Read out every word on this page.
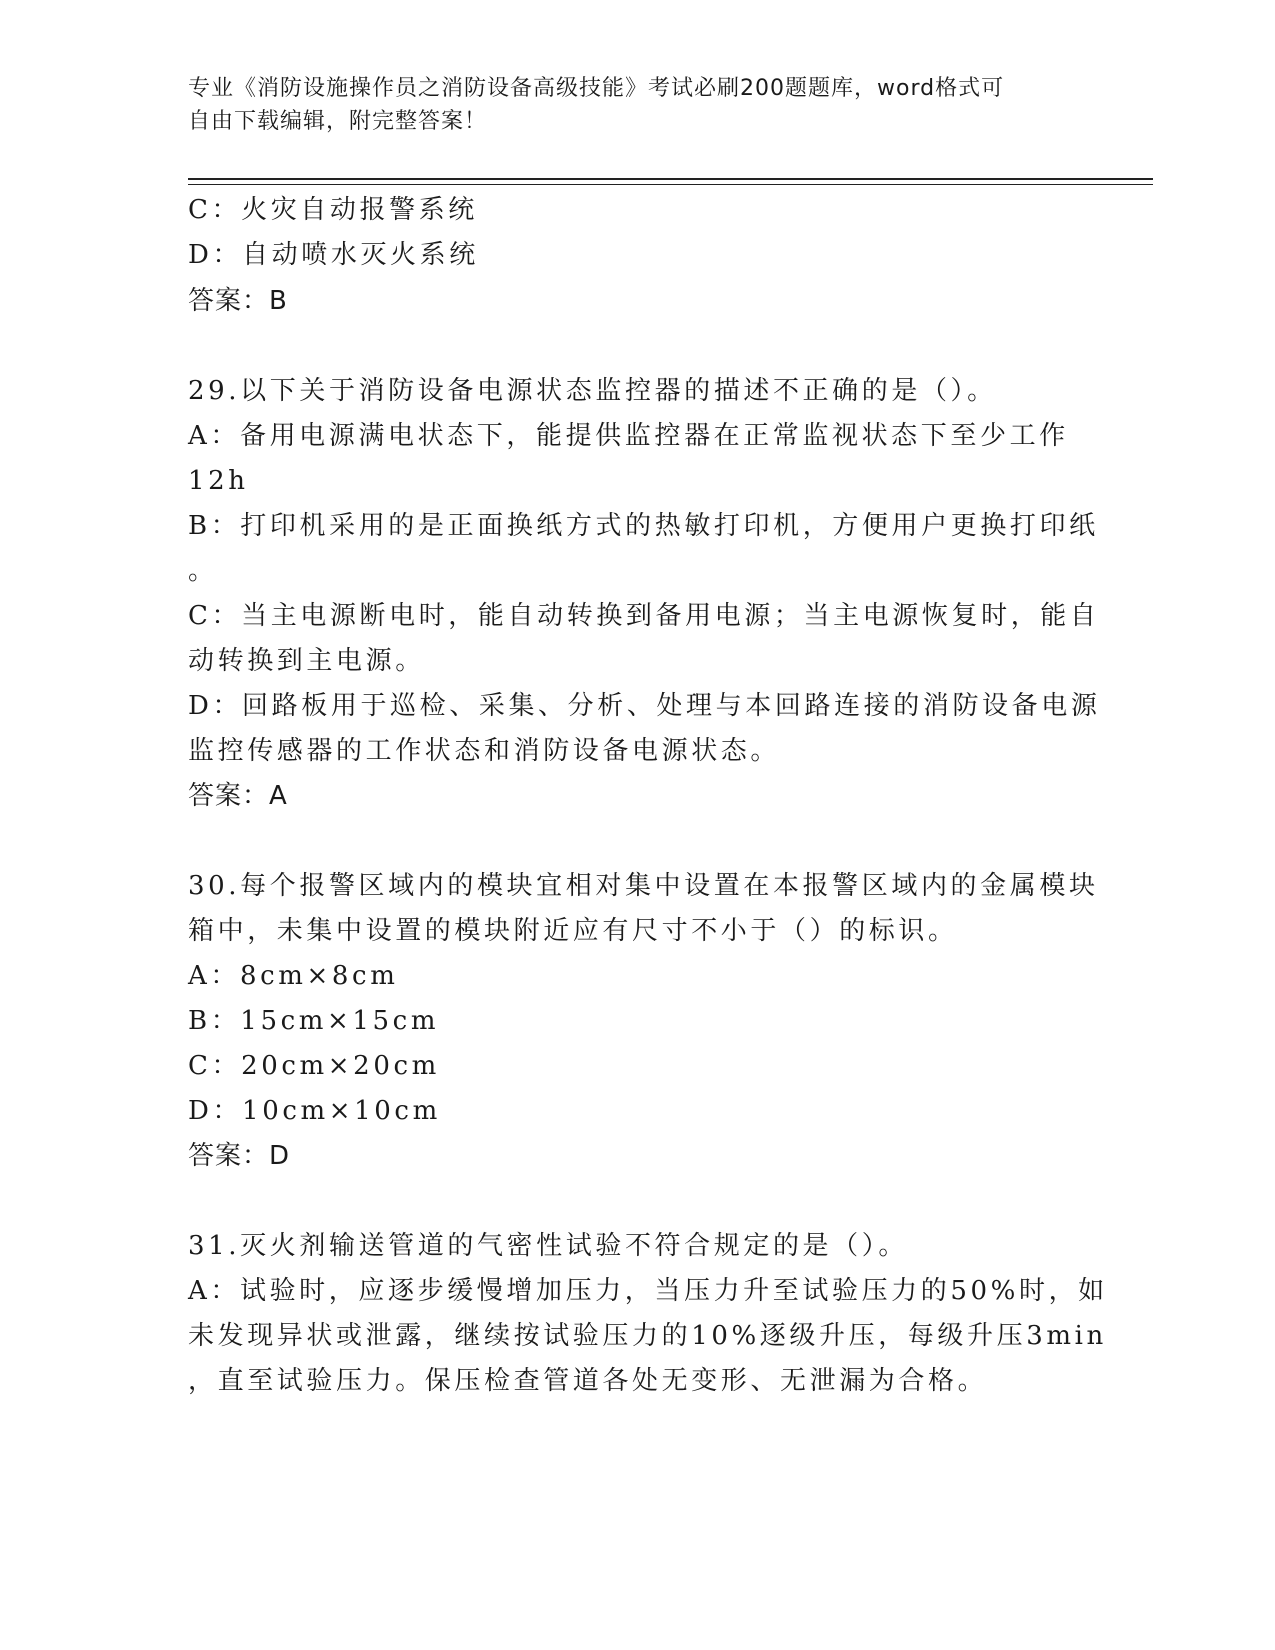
专业《消防设施操作员之消防设备高级技能》考试必刷200题题库，word格式可
自由下载编辑，附完整答案！
C：火灾自动报警系统
D：自动喷水灭火系统
答案：B
29.以下关于消防设备电源状态监控器的描述不正确的是（）。
A：备用电源满电状态下，能提供监控器在正常监视状态下至少工作
12h
B：打印机采用的是正面换纸方式的热敏打印机，方便用户更换打印纸
。
C：当主电源断电时，能自动转换到备用电源；当主电源恢复时，能自
动转换到主电源。
D：回路板用于巡检、采集、分析、处理与本回路连接的消防设备电源
监控传感器的工作状态和消防设备电源状态。
答案：A
30.每个报警区域内的模块宜相对集中设置在本报警区域内的金属模块
箱中，未集中设置的模块附近应有尺寸不小于（）的标识。
A：8cm×8cm
B：15cm×15cm
C：20cm×20cm
D：10cm×10cm
答案：D
31.灭火剂输送管道的气密性试验不符合规定的是（）。
A：试验时，应逐步缓慢增加压力，当压力升至试验压力的50%时，如
未发现异状或泄露，继续按试验压力的10%逐级升压，每级升压3min
，直至试验压力。保压检查管道各处无变形、无泄漏为合格。
